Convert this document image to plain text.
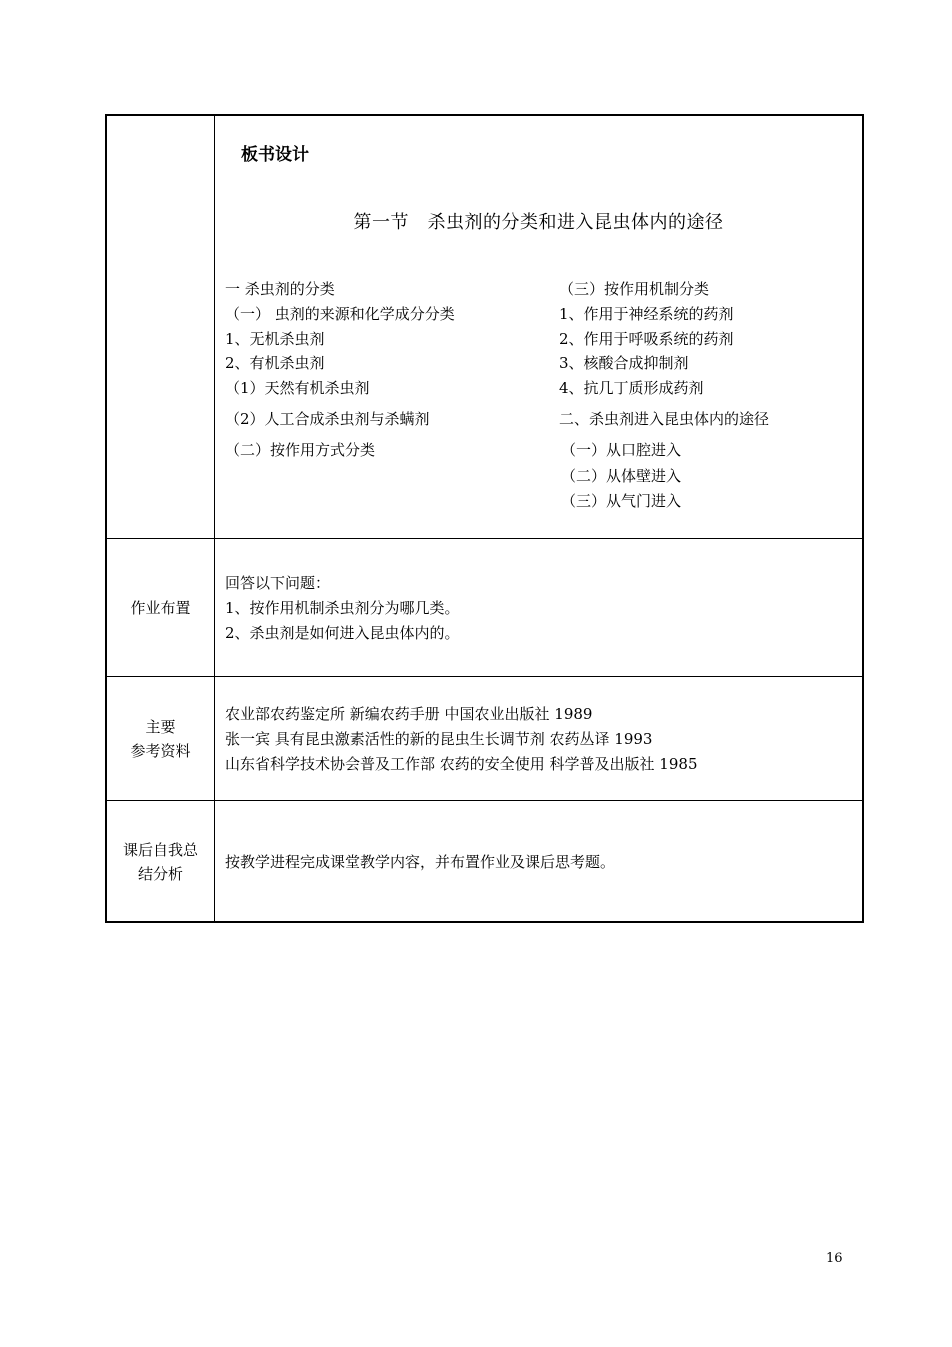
板书设计
第一节　杀虫剂的分类和进入昆虫体内的途径
一 杀虫剂的分类
（一） 虫剂的来源和化学成分分类
1、无机杀虫剂
2、有机杀虫剂
（1）天然有机杀虫剂
（2）人工合成杀虫剂与杀螨剂
（二）按作用方式分类
（三）按作用机制分类
1、作用于神经系统的药剂
2、作用于呼吸系统的药剂
3、核酸合成抑制剂
4、抗几丁质形成药剂
二、杀虫剂进入昆虫体内的途径
（一）从口腔进入
（二）从体壁进入
（三）从气门进入
作业布置
回答以下问题：
1、按作用机制杀虫剂分为哪几类。
2、杀虫剂是如何进入昆虫体内的。
主要
参考资料
农业部农药鉴定所 新编农药手册 中国农业出版社 1989
张一宾 具有昆虫激素活性的新的昆虫生长调节剂 农药丛译 1993
山东省科学技术协会普及工作部 农药的安全使用 科学普及出版社 1985
课后自我总
结分析
按教学进程完成课堂教学内容，并布置作业及课后思考题。
16
